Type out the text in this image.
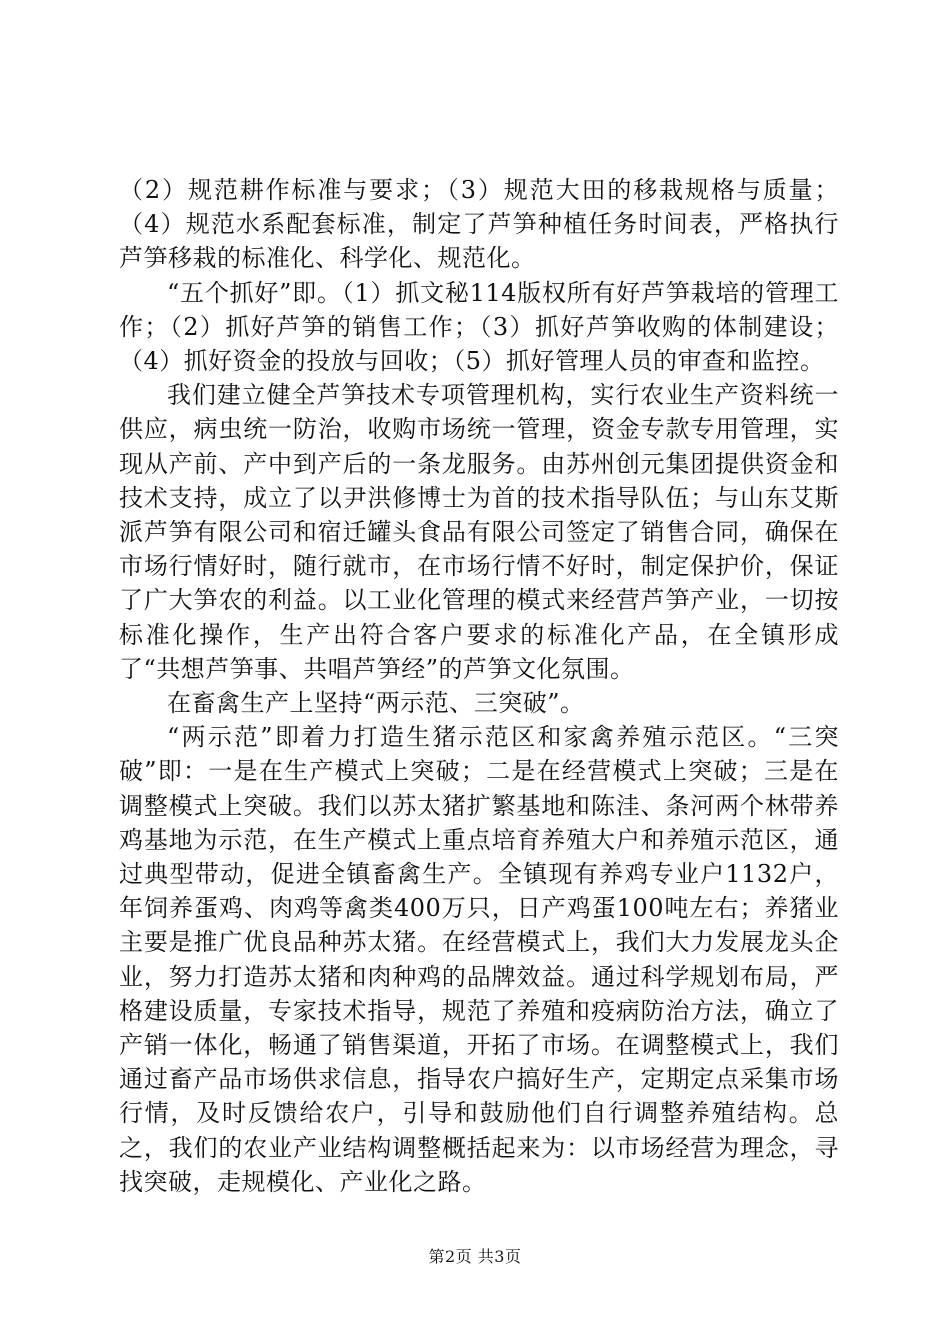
（2）规范耕作标准与要求；（3）规范大田的移栽规格与质量；（4）规范水系配套标准，制定了芦笋种植任务时间表，严格执行芦笋移栽的标准化、科学化、规范化。

“五个抓好”即。（1）抓文秘114版权所有好芦笋栽培的管理工作；（2）抓好芦笋的销售工作；（3）抓好芦笋收购的体制建设；（4）抓好资金的投放与回收；（5）抓好管理人员的审查和监控。

我们建立健全芦笋技术专项管理机构，实行农业生产资料统一供应，病虫统一防治，收购市场统一管理，资金专款专用管理，实现从产前、产中到产后的一条龙服务。由苏州创元集团提供资金和技术支持，成立了以尹洪修博士为首的技术指导队伍；与山东艾斯派芦笋有限公司和宿迁罐头食品有限公司签定了销售合同，确保在市场行情好时，随行就市，在市场行情不好时，制定保护价，保证了广大笋农的利益。以工业化管理的模式来经营芦笋产业，一切按标准化操作，生产出符合客户要求的标准化产品，在全镇形成了“共想芦笋事、共唱芦笋经”的芦笋文化氛围。

在畜禽生产上坚持“两示范、三突破”。

“两示范”即着力打造生猪示范区和家禽养殖示范区。“三突破”即：一是在生产模式上突破；二是在经营模式上突破；三是在调整模式上突破。我们以苏太猪扩繁基地和陈洼、条河两个林带养鸡基地为示范，在生产模式上重点培育养殖大户和养殖示范区，通过典型带动，促进全镇畜禽生产。全镇现有养鸡专业户1132户，年饲养蛋鸡、肉鸡等禽类400万只，日产鸡蛋100吨左右；养猪业主要是推广优良品种苏太猪。在经营模式上，我们大力发展龙头企业，努力打造苏太猪和肉种鸡的品牌效益。通过科学规划布局，严格建设质量，专家技术指导，规范了养殖和疫病防治方法，确立了产销一体化，畅通了销售渠道，开拓了市场。在调整模式上，我们通过畜产品市场供求信息，指导农户搞好生产，定期定点采集市场行情，及时反馈给农户，引导和鼓励他们自行调整养殖结构。总之，我们的农业产业结构调整概括起来为：以市场经营为理念，寻找突破，走规模化、产业化之路。

第2页 共3页
